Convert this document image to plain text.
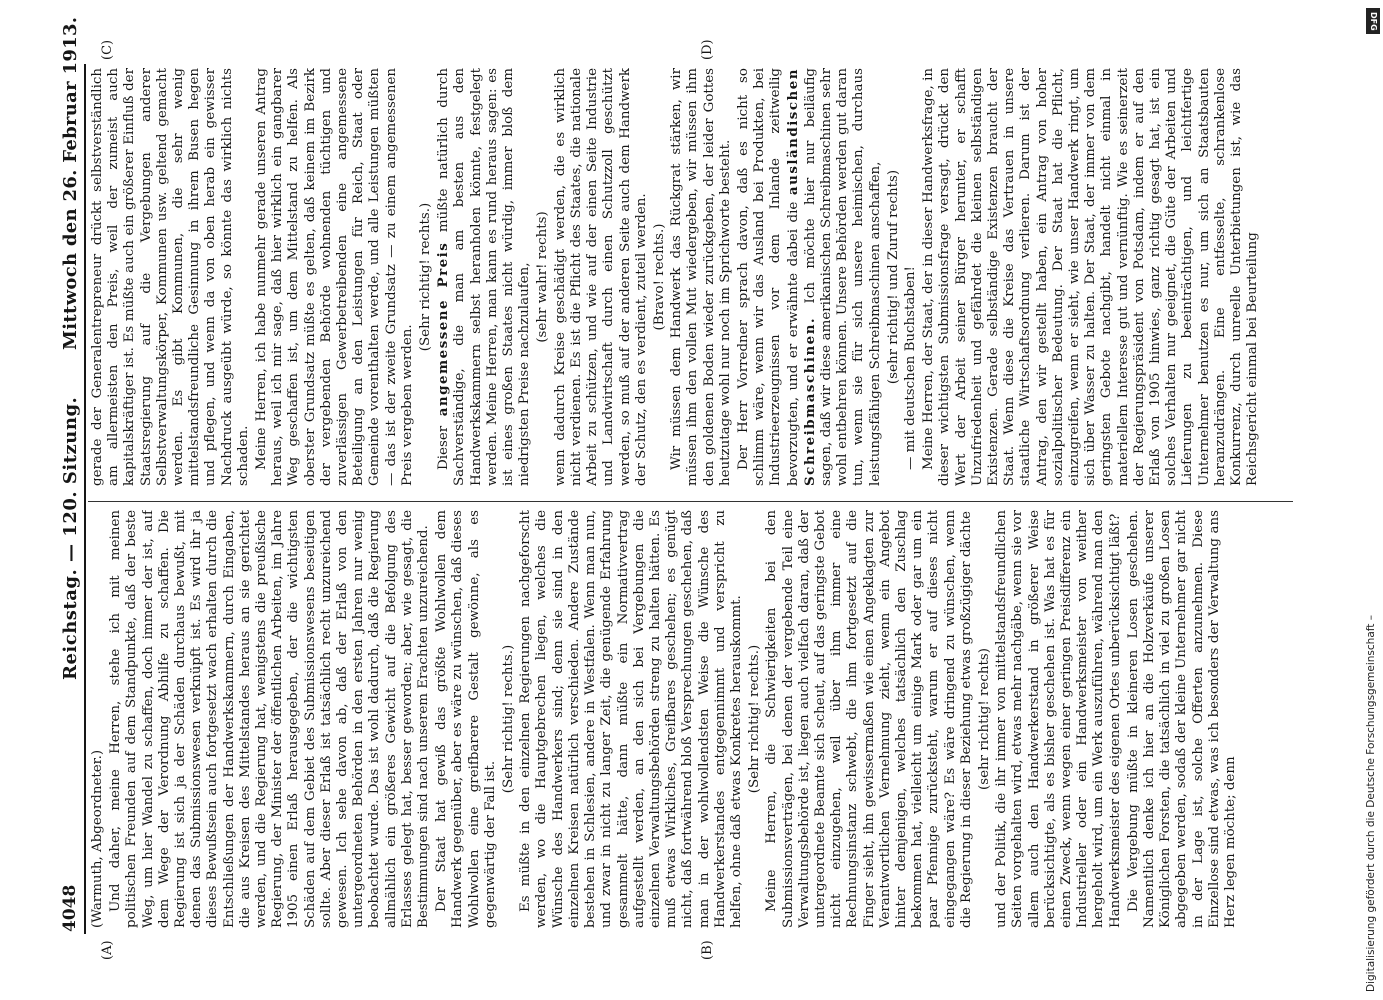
4048
Reichstag. — 120. Sitzung.
Mittwoch den 26. Februar 1913.
(A)	(B)
(C)	(D)

(Warmuth, Abgeordneter.) Und daher, meine Herren, stehe ich mit meinen politischen Freunden auf dem Standpunkte, daß der beste Weg, um hier Wandel zu schaffen, doch immer der ist, auf dem Wege der Verordnung Abhilfe zu schaffen. Die Regierung ist sich ja der Schäden durchaus bewußt, mit denen das Submissionswesen verknüpft ist. Es wird ihr ja dieses Bewußtsein auch fortgesetzt wach erhalten durch die Entschließungen der Handwerkskammern, durch Eingaben, die aus Kreisen des Mittelstandes heraus an sie gerichtet werden, und die Regierung hat, wenigstens die preußische Regierung, der Minister der öffentlichen Arbeiten, im Jahre 1905 einen Erlaß herausgegeben, der die wichtigsten Schäden auf dem Gebiet des Submissionswesens beseitigen sollte. Aber dieser Erlaß ist tatsächlich recht unzureichend gewesen. Ich sehe davon ab, daß der Erlaß von den untergeordneten Behörden in den ersten Jahren nur wenig beobachtet wurde. Das ist wohl dadurch, daß die Regierung allmählich ein größeres Gewicht auf die Befolgung des Erlasses gelegt hat, besser geworden; aber, wie gesagt, die Bestimmungen sind nach unserem Erachten unzureichend. Der Staat hat gewiß das größte Wohlwollen dem Handwerk gegenüber, aber es wäre zu wünschen, daß dieses Wohlwollen eine greifbarere Gestalt gewönne, als es gegenwärtig der Fall ist.

(Sehr richtig! rechts.) Es müßte in den einzelnen Regierungen nachgeforscht werden, wo die Hauptgebrechen liegen, welches die Wünsche des Handwerkers sind; denn sie sind in den einzelnen Kreisen natürlich verschieden. Andere Zustände bestehen in Schlesien, andere in Westfalen. Wenn man nun, und zwar in nicht zu langer Zeit, die genügende Erfahrung gesammelt hätte, dann müßte ein Normativvertrag aufgestellt werden, an den sich bei Vergebungen die einzelnen Verwaltungsbehörden streng zu halten hätten. Es muß etwas Wirkliches, Greifbares geschehen; es genügt nicht, daß fortwährend bloß Versprechungen geschehen, daß man in der wohlwollendsten Weise die Wünsche des Handwerkerstandes entgegennimmt und verspricht zu helfen, ohne daß etwas Konkretes herauskommt. (Sehr richtig! rechts.) Meine Herren, die Schwierigkeiten bei den Submissionsverträgen, bei denen der vergebende Teil eine Verwaltungsbehörde ist, liegen auch vielfach daran, daß der untergeordnete Beamte sich scheut, auf das geringste Gebot nicht einzugehen, weil über ihm immer eine Rechnungsinstanz schwebt, die ihm fortgesetzt auf die Finger sieht, ihn gewissermaßen wie einen Angeklagten zur Verantwortlichen Vernehmung zieht, wenn ein Angebot hinter demjenigen, welches tatsächlich den Zuschlag bekommen hat, vielleicht um einige Mark oder gar um ein paar Pfennige zurücksteht, warum er auf dieses nicht eingegangen wäre? Es wäre dringend zu wünschen, wenn die Regierung in dieser Beziehung etwas großzügiger dächte (sehr richtig! rechts) und der Politik, die ihr immer von mittelstandsfreundlichen Seiten vorgehalten wird, etwas mehr nachgäbe, wenn sie vor allem auch den Handwerkerstand in größerer Weise berücksichtigte, als es bisher geschehen ist. Was hat es für einen Zweck, wenn wegen einer geringen Preisdifferenz ein Industrieller oder ein Handwerksmeister von weither hergeholt wird, um ein Werk auszuführen, während man den Handwerksmeister des eigenen Ortes unberücksichtigt läßt? Die Vergebung müßte in kleineren Losen geschehen. Namentlich denke ich hier an die Holzverkäufe unserer Königlichen Forsten, die tatsächlich in viel zu großen Losen abgegeben werden, sodaß der kleine Unternehmer gar nicht in der Lage ist, solche Offerten anzunehmen. Diese Einzellose sind etwas, was ich besonders der Verwaltung ans Herz legen möchte; denn

gerade der Generalentrepreneur drückt selbstverständlich am allermeisten den Preis, weil der zumeist auch kapitalskräftiger ist. Es müßte auch ein größerer Einfluß der Staatsregierung auf die Vergebungen anderer Selbstverwaltungskörper, Kommunen usw. geltend gemacht werden. Es gibt Kommunen, die sehr wenig mittelstandsfreundliche Gesinnung in ihrem Busen hegen und pflegen, und wenn da von oben herab ein gewisser Nachdruck ausgeübt würde, so könnte das wirklich nichts schaden. Meine Herren, ich habe nunmehr gerade unseren Antrag heraus, weil ich mir sage, daß hier wirklich ein gangbarer Weg geschaffen ist, um dem Mittelstand zu helfen. Als oberster Grundsatz müßte es gelten, daß keinem im Bezirk der vergebenden Behörde wohnenden tüchtigen und zuverlässigen Gewerbetreibenden eine angemessene Beteiligung an den Leistungen für Reich, Staat oder Gemeinde vorenthalten werde, und alle Leistungen müßten — das ist der zweite Grundsatz — zu einem angemessenen Preis vergeben werden.

(Sehr richtig! rechts.)

Dieser angemessene Preis müßte natürlich durch Sachverständige, die man am besten aus den Handwerkskammern selbst heranholen könnte, festgelegt werden. Meine Herren, man kann es rund heraus sagen: es ist eines großen Staates nicht würdig, immer bloß dem niedrigsten Preise nachzulaufen, (sehr wahr! rechts) wenn dadurch Kreise geschädigt werden, die es wirklich nicht verdienen. Es ist die Pflicht des Staates, die nationale Arbeit zu schützen, und wie auf der einen Seite Industrie und Landwirtschaft durch einen Schutzzoll geschützt werden, so muß auf der anderen Seite auch dem Handwerk der Schutz, den es verdient, zuteil werden. (Bravo! rechts.) Wir müssen dem Handwerk das Rückgrat stärken, wir müssen ihm den vollen Mut wiedergeben, wir müssen ihm den goldenen Boden wieder zurückgeben, der leider Gottes heutzutage wohl nur noch im Sprichworte besteht. Der Herr Vorredner sprach davon, daß es nicht so schlimm wäre, wenn wir das Ausland bei Produkten, bei Industrieerzeugnissen vor dem Inlande zeitweilig bevorzugten, und er erwähnte dabei die ausländischen Schreibmaschinen. Ich möchte hier nur beiläufig sagen, daß wir diese amerikanischen Schreibmaschinen sehr wohl entbehren können. Unsere Behörden werden gut daran tun, wenn sie für sich unsere heimischen, durchaus leistungsfähigen Schreibmaschinen anschaffen, (sehr richtig! und Zuruf rechts) — mit deutschen Buchstaben! Meine Herren, der Staat, der in dieser Handwerksfrage, in dieser wichtigsten Submissionsfrage versagt, drückt den Wert der Arbeit seiner Bürger herunter, er schafft Unzufriedenheit und gefährdet die kleinen selbständigen Existenzen. Gerade selbständige Existenzen braucht der Staat. Wenn diese die Kreise das Vertrauen in unsere staatliche Wirtschaftsordnung verlieren. Darum ist der Antrag, den wir gestellt haben, ein Antrag von hoher sozialpolitischer Bedeutung. Der Staat hat die Pflicht, einzugreifen, wenn er sieht, wie unser Handwerk ringt, um sich über Wasser zu halten. Der Staat, der immer von dem geringsten Gebote nachgibt, handelt nicht einmal in materiellem Interesse gut und vernünftig. Wie es seinerzeit der Regierungspräsident von Potsdam, indem er auf den Erlaß von 1905 hinwies, ganz richtig gesagt hat, ist ein solches Verhalten nur geeignet, die Güte der Arbeiten und Lieferungen zu beeinträchtigen, und leichtfertige Unternehmer benutzen es nur, um sich an Staatsbauten heranzudrängen. Eine entfesselte, schrankenlose Konkurrenz, durch unreelle Unterbietungen ist, wie das Reichsgericht einmal bei Beurteilung

Digitalisierung gefördert durch die Deutsche Forschungsgemeinschaft –
DFG
